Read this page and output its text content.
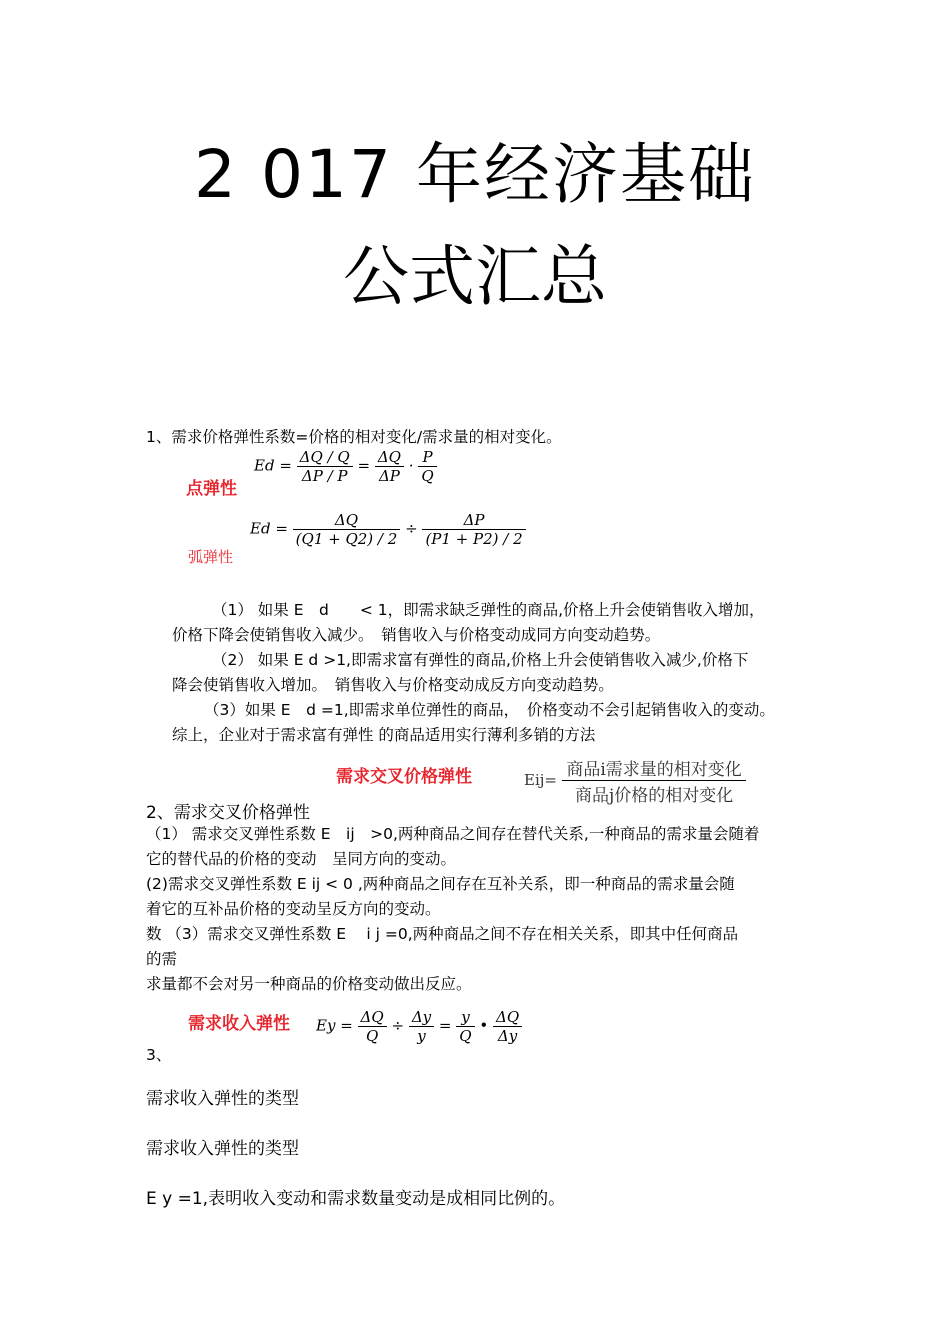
2 017 年经济基础
公式汇总
1、需求价格弹性系数=价格的相对变化/需求量的相对变化。
点弹性
$Ed = \frac{\Delta Q / Q}{\Delta P / P} = \frac{\Delta Q}{\Delta P} \cdot \frac{P}{Q}$
弧弹性
$Ed = \frac{\Delta Q}{(Q1 + Q2) / 2} \div \frac{\Delta P}{(P1 + P2) / 2}$
（1） 如果 E　d　　< 1，即需求缺乏弹性的商品,价格上升会使销售收入增加，
价格下降会使销售收入减少。　销售收入与价格变动成同方向变动趋势。
（2） 如果 E d >1,即需求富有弹性的商品,价格上升会使销售收入减少,价格下
降会使销售收入增加。　销售收入与价格变动成反方向变动趋势。
（3）如果 E　d =1,即需求单位弹性的商品，　价格变动不会引起销售收入的变动。
综上，企业对于需求富有弹性 的商品适用实行薄利多销的方法
需求交叉价格弹性	$Eij= \frac{\text{商品i需求量的相对变化}}{\text{商品j价格的相对变化}}$
2、需求交叉价格弹性
（1） 需求交叉弹性系数 E　ij　>0,两种商品之间存在替代关系,一种商品的需求量会随着
它的替代品的价格的变动　呈同方向的变动。
(2)需求交叉弹性系数 E ij < 0 ,两种商品之间存在互补关系，即一种商品的需求量会随
着它的互补品价格的变动呈反方向的变动。
数 （3）需求交叉弹性系数 E　 i j =0,两种商品之间不存在相关关系，即其中任何商品
的需
求量都不会对另一种商品的价格变动做出反应。
需求收入弹性 $Ey = \frac{\Delta Q}{Q} \div \frac{\Delta y}{y} = \frac{y}{Q}$ • $\frac{\Delta Q}{\Delta y}$
3、
需求收入弹性的类型
需求收入弹性的类型
E y =1,表明收入变动和需求数量变动是成相同比例的。
